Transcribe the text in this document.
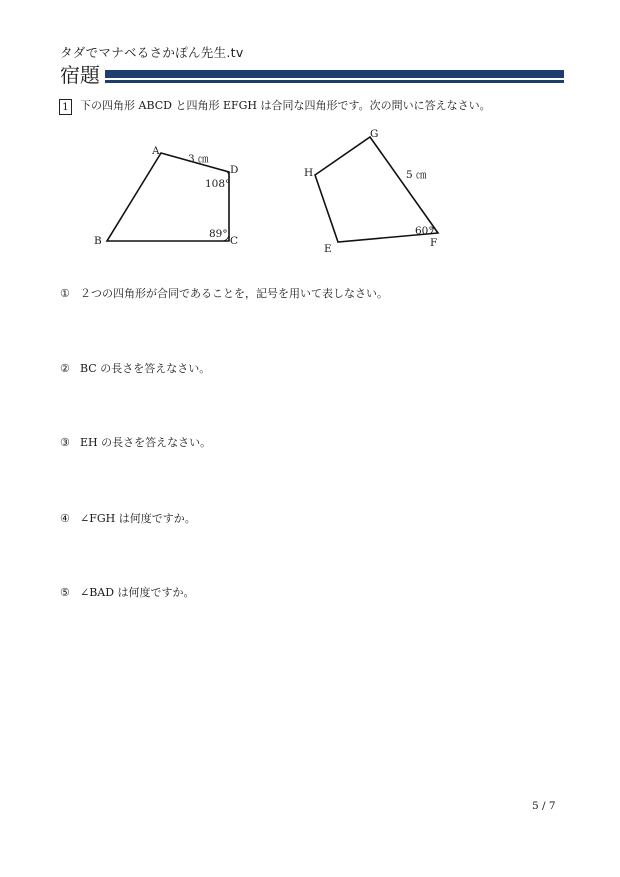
タダでマナベるさかぽん先生.tv
宿題
1 下の四角形 ABCD と四角形 EFGH は合同な四角形です。次の問いに答えなさい。
A
B	C
D
3 ㎝
108°
89°
E	F
G
H	5 ㎝
60°
① ２つの四角形が合同であることを，記号を用いて表しなさい。
② BC の長さを答えなさい。
③ EH の長さを答えなさい。
④ ∠FGH は何度ですか。
⑤ ∠BAD は何度ですか。
5 / 7
